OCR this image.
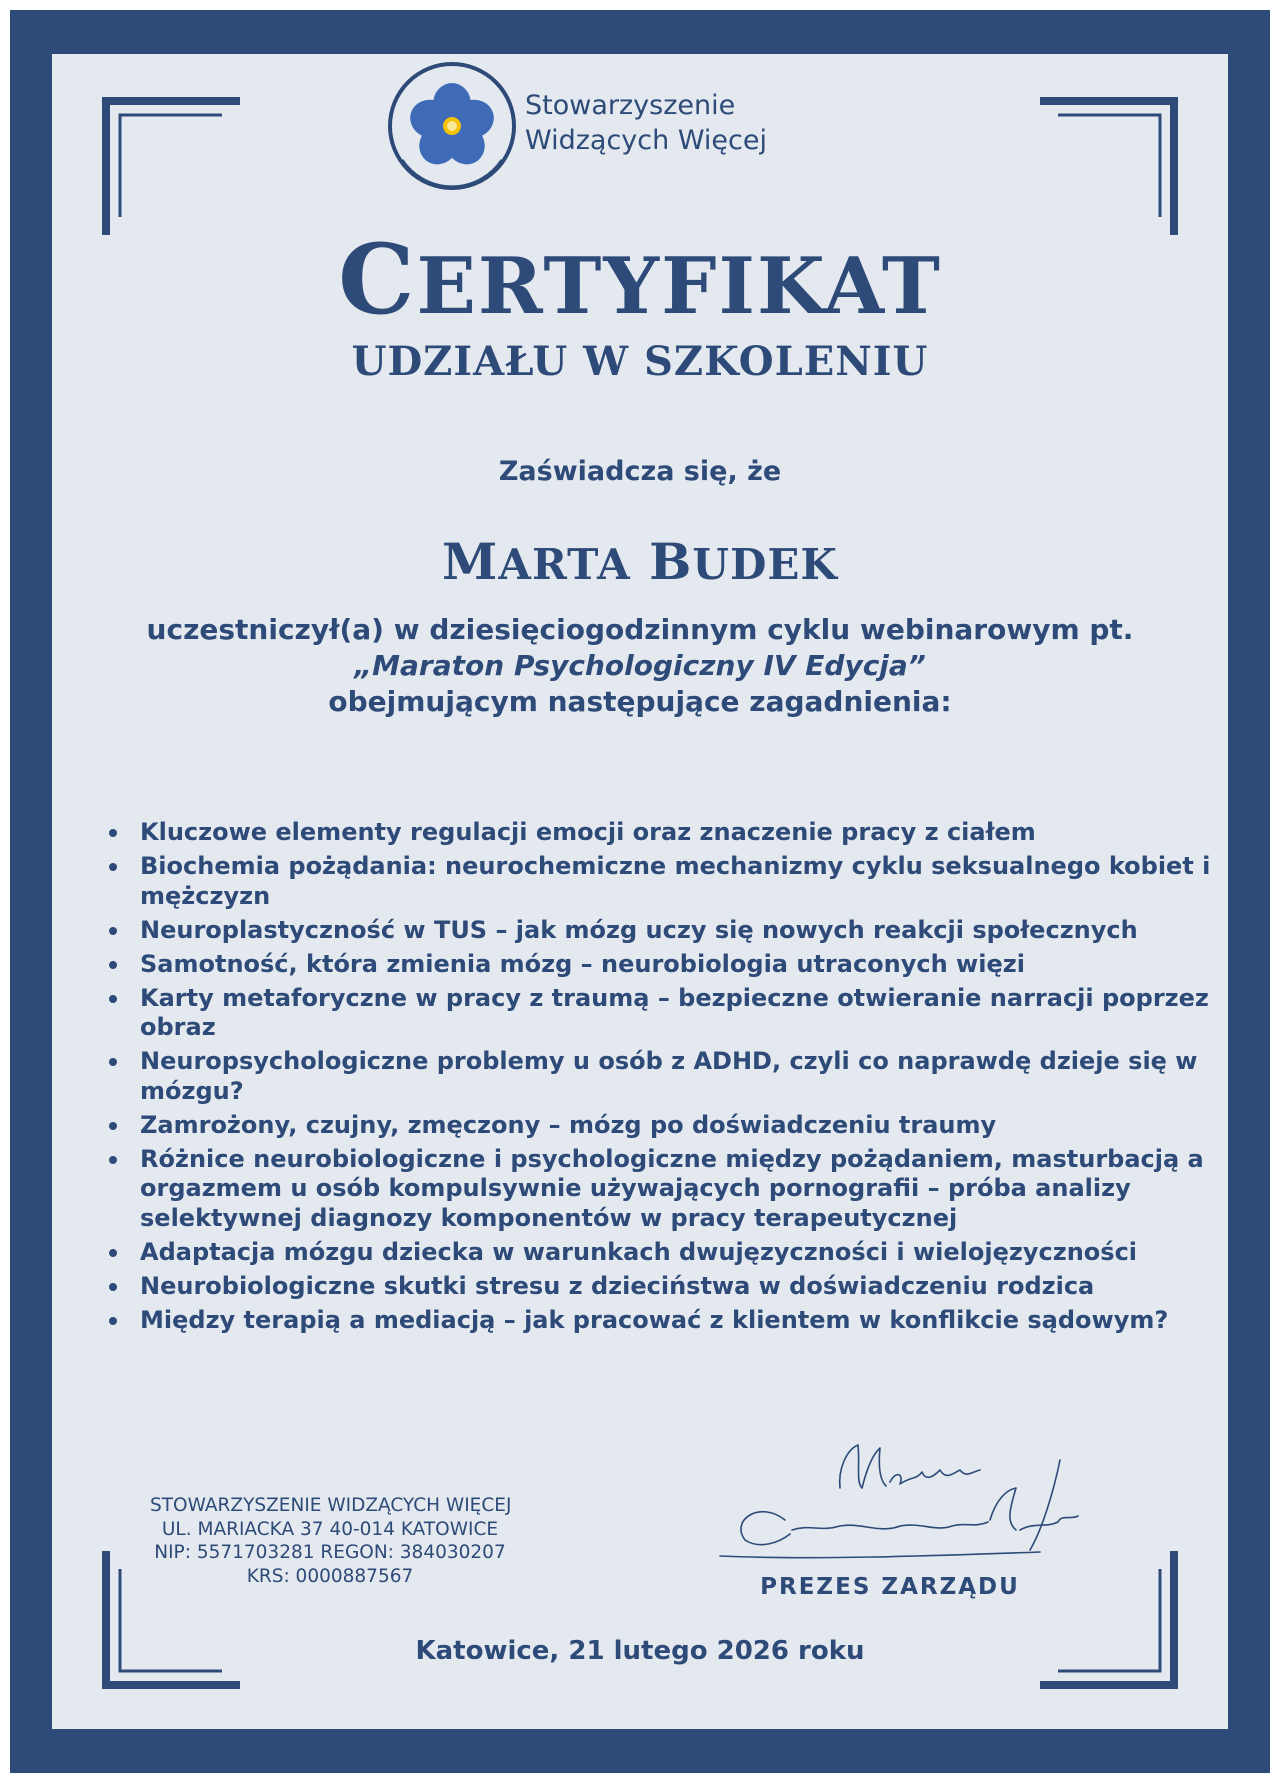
Stowarzyszenie
Widzących Więcej
CERTYFIKAT
UDZIAŁU W SZKOLENIU
Zaświadcza się, że
MARTA BUDEK
uczestniczył(a) w dziesięciogodzinnym cyklu webinarowym pt.
„Maraton Psychologiczny IV Edycja”
obejmującym następujące zagadnienia:
Kluczowe elementy regulacji emocji oraz znaczenie pracy z ciałem
Biochemia pożądania: neurochemiczne mechanizmy cyklu seksualnego kobiet i mężczyzn
Neuroplastyczność w TUS – jak mózg uczy się nowych reakcji społecznych
Samotność, która zmienia mózg – neurobiologia utraconych więzi
Karty metaforyczne w pracy z traumą – bezpieczne otwieranie narracji poprzez obraz
Neuropsychologiczne problemy u osób z ADHD, czyli co naprawdę dzieje się w mózgu?
Zamrożony, czujny, zmęczony – mózg po doświadczeniu traumy
Różnice neurobiologiczne i psychologiczne między pożądaniem, masturbacją a orgazmem u osób kompulsywnie używających pornografii – próba analizy selektywnej diagnozy komponentów w pracy terapeutycznej
Adaptacja mózgu dziecka w warunkach dwujęzyczności i wielojęzyczności
Neurobiologiczne skutki stresu z dzieciństwa w doświadczeniu rodzica
Między terapią a mediacją – jak pracować z klientem w konflikcie sądowym?
STOWARZYSZENIE WIDZĄCYCH WIĘCEJ
UL. MARIACKA 37 40-014 KATOWICE
NIP: 5571703281 REGON: 384030207
KRS: 0000887567	PREZES ZARZĄDU
Katowice, 21 lutego 2026 roku
